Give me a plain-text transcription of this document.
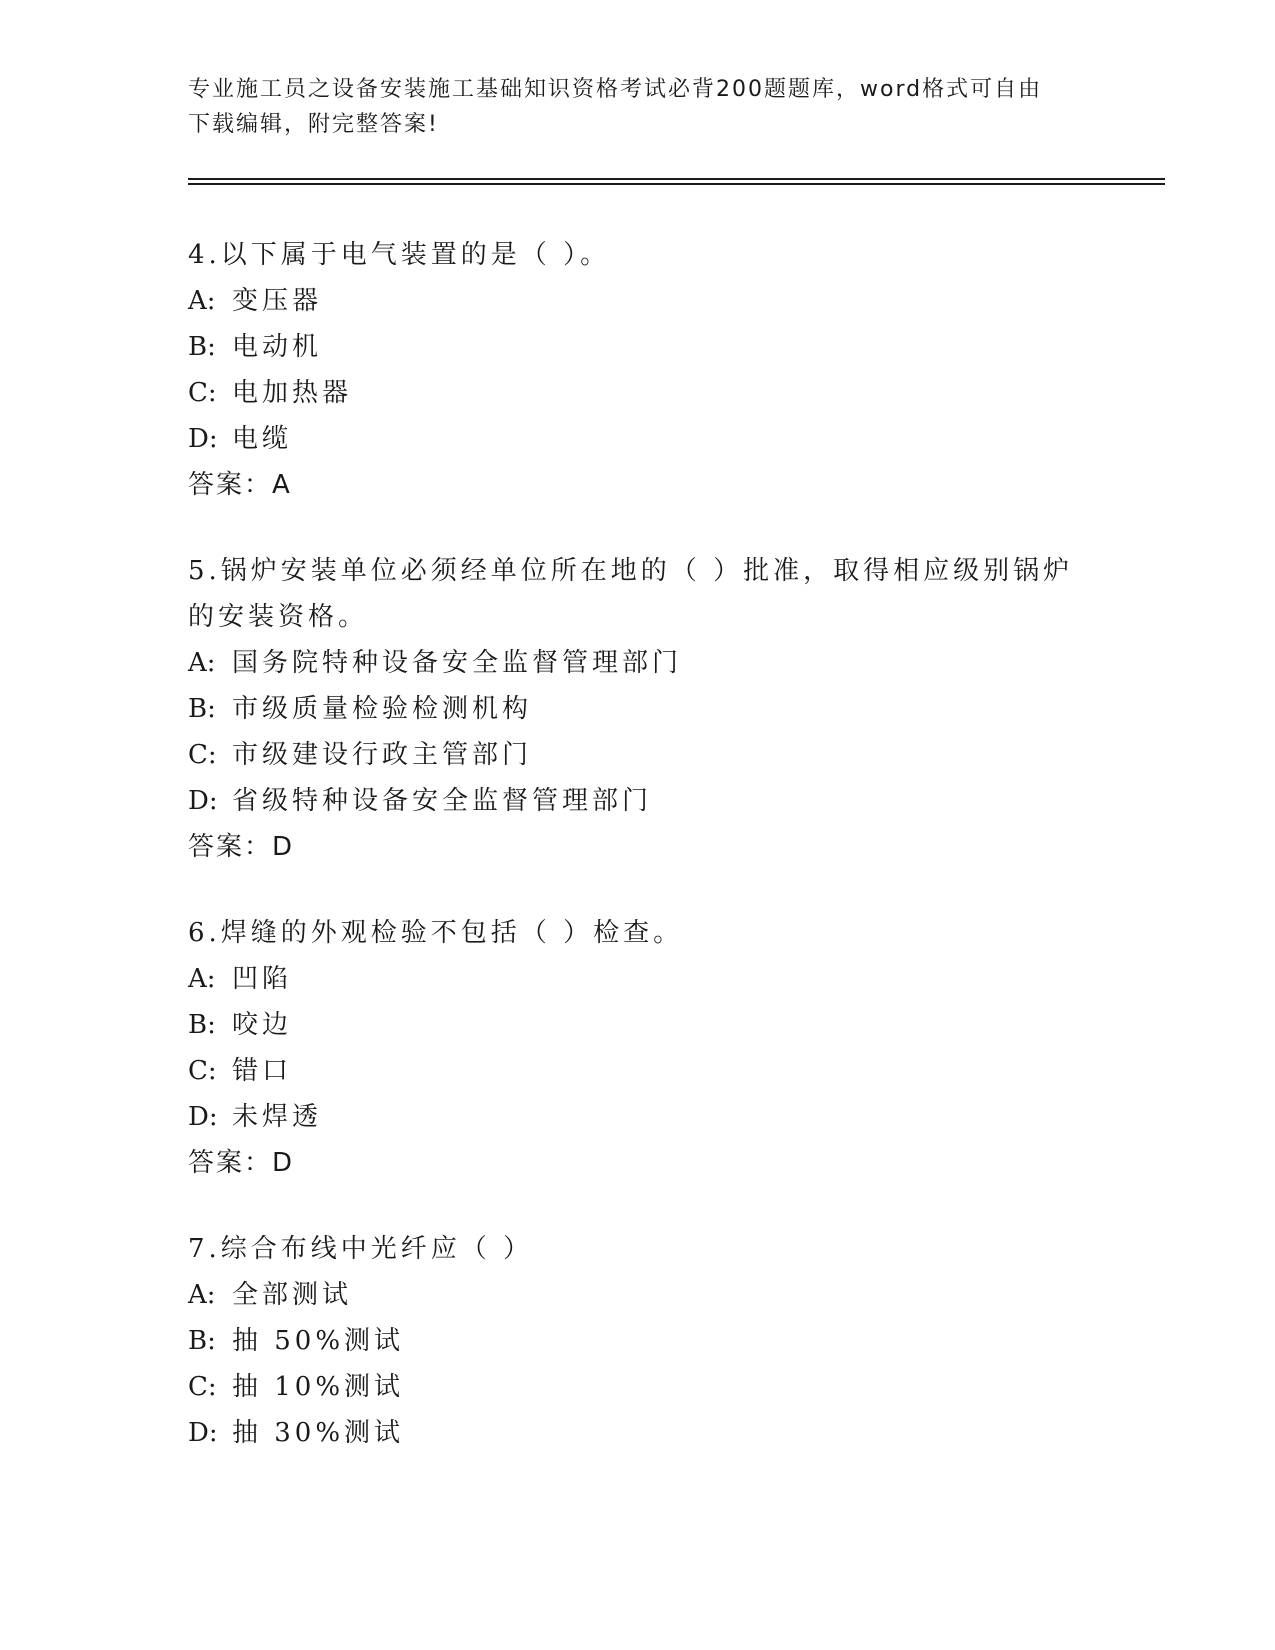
专业施工员之设备安装施工基础知识资格考试必背200题题库，word格式可自由
下载编辑，附完整答案!
4.以下属于电气装置的是（ ）。
A: 变压器
B: 电动机
C: 电加热器
D: 电缆
答案：A
5.锅炉安装单位必须经单位所在地的（ ）批准，取得相应级别锅炉的安装资格。
A: 国务院特种设备安全监督管理部门
B: 市级质量检验检测机构
C: 市级建设行政主管部门
D: 省级特种设备安全监督管理部门
答案：D
6.焊缝的外观检验不包括（ ）检查。
A: 凹陷
B: 咬边
C: 错口
D: 未焊透
答案：D
7.综合布线中光纤应（ ）
A: 全部测试
B: 抽 50%测试
C: 抽 10%测试
D: 抽 30%测试
